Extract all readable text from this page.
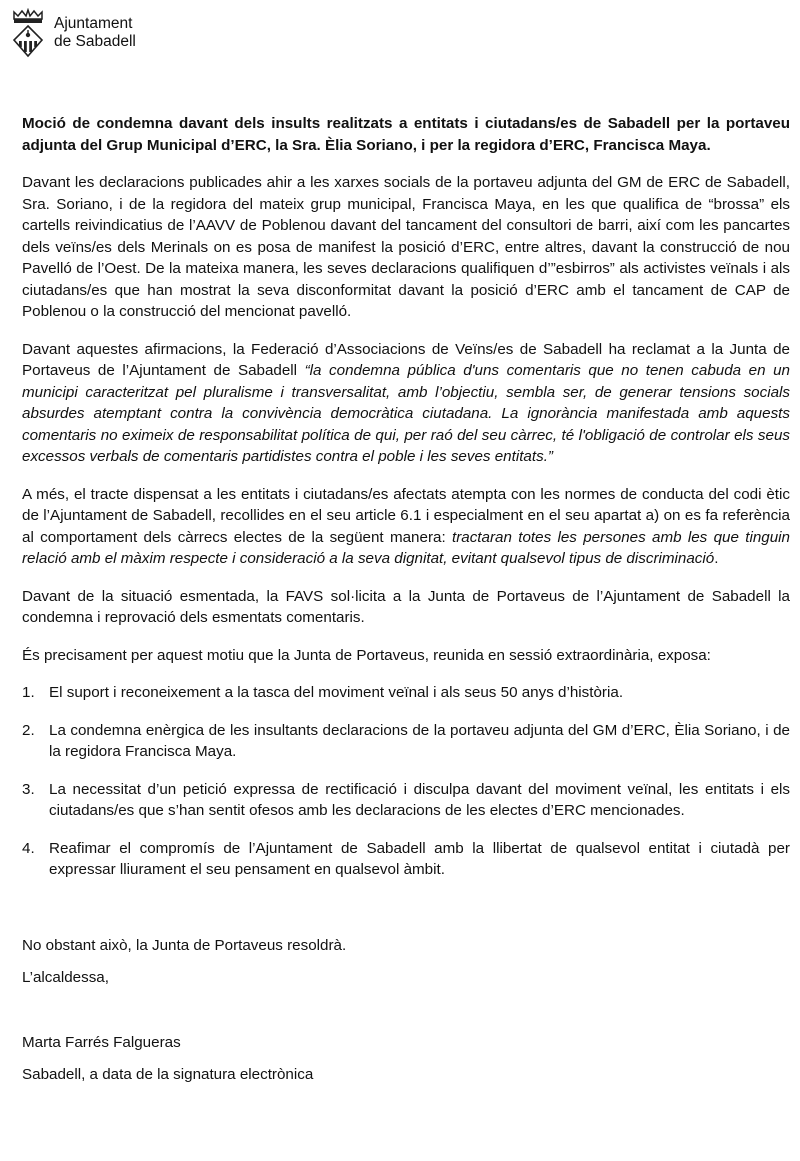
Ajuntament
de Sabadell
Moció de condemna davant dels insults realitzats a entitats i ciutadans/es de Sabadell per la portaveu adjunta del Grup Municipal d’ERC, la Sra. Èlia Soriano, i per la regidora d’ERC, Francisca Maya.

Davant les declaracions publicades ahir a les xarxes socials de la portaveu adjunta del GM de ERC de Sabadell, Sra. Soriano, i de la regidora del mateix grup municipal, Francisca Maya, en les que qualifica de “brossa” els cartells reivindicatius de l’AAVV de Poblenou davant del tancament del consultori de barri, així com les pancartes dels veïns/es dels Merinals on es posa de manifest la posició d’ERC, entre altres, davant la construcció de nou Pavelló de l’Oest. De la mateixa manera, les seves declaracions qualifiquen d’”esbirros” als activistes veïnals i als ciutadans/es que han mostrat la seva disconformitat davant la posició d’ERC amb el tancament de CAP de Poblenou o la construcció del mencionat pavelló.

Davant aquestes afirmacions, la Federació d’Associacions de Veïns/es de Sabadell ha reclamat a la Junta de Portaveus de l’Ajuntament de Sabadell “la condemna pública d'uns comentaris que no tenen cabuda en un municipi caracteritzat pel pluralisme i transversalitat, amb l’objectiu, sembla ser, de generar tensions socials absurdes atemptant contra la convivència democràtica ciutadana. La ignorància manifestada amb aquests comentaris no eximeix de responsabilitat política de qui, per raó del seu càrrec, té l'obligació de controlar els seus excessos verbals de comentaris partidistes contra el poble i les seves entitats.”

A més, el tracte dispensat a les entitats i ciutadans/es afectats atempta con les normes de conducta del codi ètic de l’Ajuntament de Sabadell, recollides en el seu article 6.1 i especialment en el seu apartat a) on es fa referència al comportament dels càrrecs electes de la següent manera: tractaran totes les persones amb les que tinguin relació amb el màxim respecte i consideració a la seva dignitat, evitant qualsevol tipus de discriminació.

Davant de la situació esmentada, la FAVS sol·licita a la Junta de Portaveus de l’Ajuntament de Sabadell la condemna i reprovació dels esmentats comentaris.

És precisament per aquest motiu que la Junta de Portaveus, reunida en sessió extraordinària, exposa:

1. El suport i reconeixement a la tasca del moviment veïnal i als seus 50 anys d’història.
2. La condemna enèrgica de les insultants declaracions de la portaveu adjunta del GM d’ERC, Èlia Soriano, i de la regidora Francisca Maya.
3. La necessitat d’un petició expressa de rectificació i disculpa davant del moviment veïnal, les entitats i els ciutadans/es que s’han sentit ofesos amb les declaracions de les electes d’ERC mencionades.
4. Reafimar el compromís de l’Ajuntament de Sabadell amb la llibertat de qualsevol entitat i ciutadà per expressar lliurament el seu pensament en qualsevol àmbit.

No obstant això, la Junta de Portaveus resoldrà.

L’alcaldessa,

Marta Farrés Falgueras

Sabadell, a data de la signatura electrònica
